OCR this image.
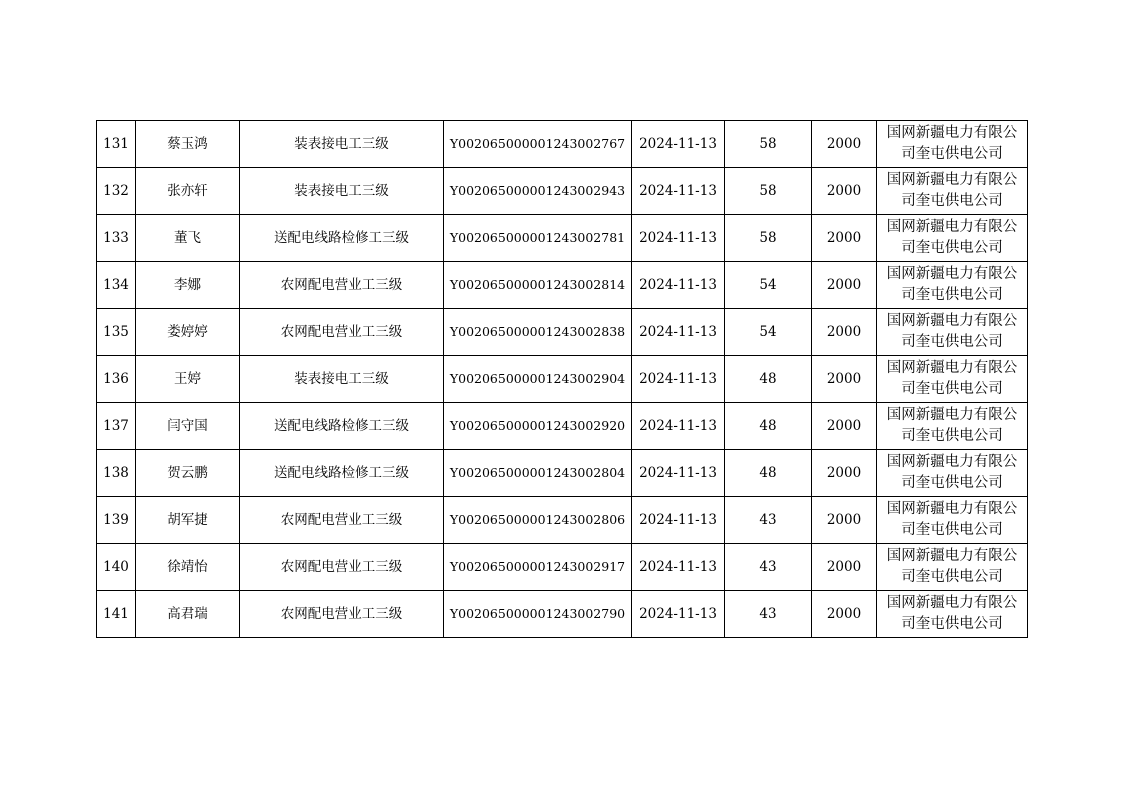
131	蔡玉鸿	装表接电工三级	Y002065000001243002767	2024-11-13	58	2000	国网新疆电力有限公司奎屯供电公司
132	张亦轩	装表接电工三级	Y002065000001243002943	2024-11-13	58	2000	国网新疆电力有限公司奎屯供电公司
133	董飞	送配电线路检修工三级	Y002065000001243002781	2024-11-13	58	2000	国网新疆电力有限公司奎屯供电公司
134	李娜	农网配电营业工三级	Y002065000001243002814	2024-11-13	54	2000	国网新疆电力有限公司奎屯供电公司
135	娄婷婷	农网配电营业工三级	Y002065000001243002838	2024-11-13	54	2000	国网新疆电力有限公司奎屯供电公司
136	王婷	装表接电工三级	Y002065000001243002904	2024-11-13	48	2000	国网新疆电力有限公司奎屯供电公司
137	闫守国	送配电线路检修工三级	Y002065000001243002920	2024-11-13	48	2000	国网新疆电力有限公司奎屯供电公司
138	贺云鹏	送配电线路检修工三级	Y002065000001243002804	2024-11-13	48	2000	国网新疆电力有限公司奎屯供电公司
139	胡军捷	农网配电营业工三级	Y002065000001243002806	2024-11-13	43	2000	国网新疆电力有限公司奎屯供电公司
140	徐靖怡	农网配电营业工三级	Y002065000001243002917	2024-11-13	43	2000	国网新疆电力有限公司奎屯供电公司
141	高君瑞	农网配电营业工三级	Y002065000001243002790	2024-11-13	43	2000	国网新疆电力有限公司奎屯供电公司
